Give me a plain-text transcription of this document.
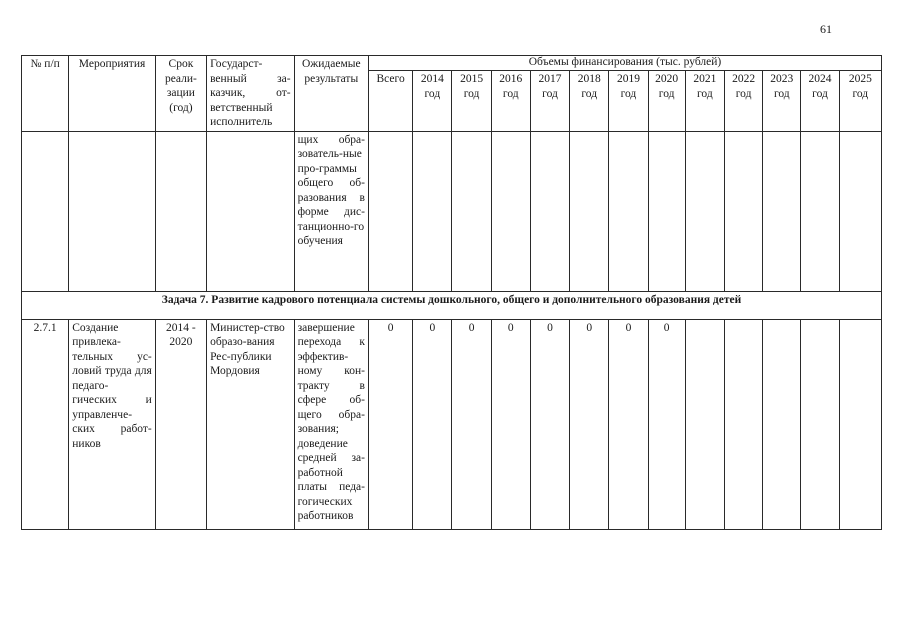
61
№ п/п	Мероприятия	Срок реали-зации (год)	Государст-венный за-казчик, от-ветственный исполнитель	Ожидаемые результаты	Объемы финансирования (тыс. рублей)												
					Всего	2014 год	2015 год	2016 год	2017 год	2018 год	2019 год	2020 год	2021 год	2022 год	2023 год	2024 год	2025 год
				щих обра-зователь-ные про-граммы общего об-разования в форме дис-танционно-го обучения													
Задача 7. Развитие кадрового потенциала системы дошкольного, общего и дополнительного образования детей																	
2.7.1	Создание привлека-тельных ус-ловий труда для педаго-гических и управленче-ских работ-ников	2014 - 2020	Министер-ство образо-вания Рес-публики Мордовия	завершение перехода к эффектив-ному кон-тракту в сфере об-щего обра-зования; доведение средней за-работной платы педа-гогических работников	0	0	0	0	0	0	0	0					
